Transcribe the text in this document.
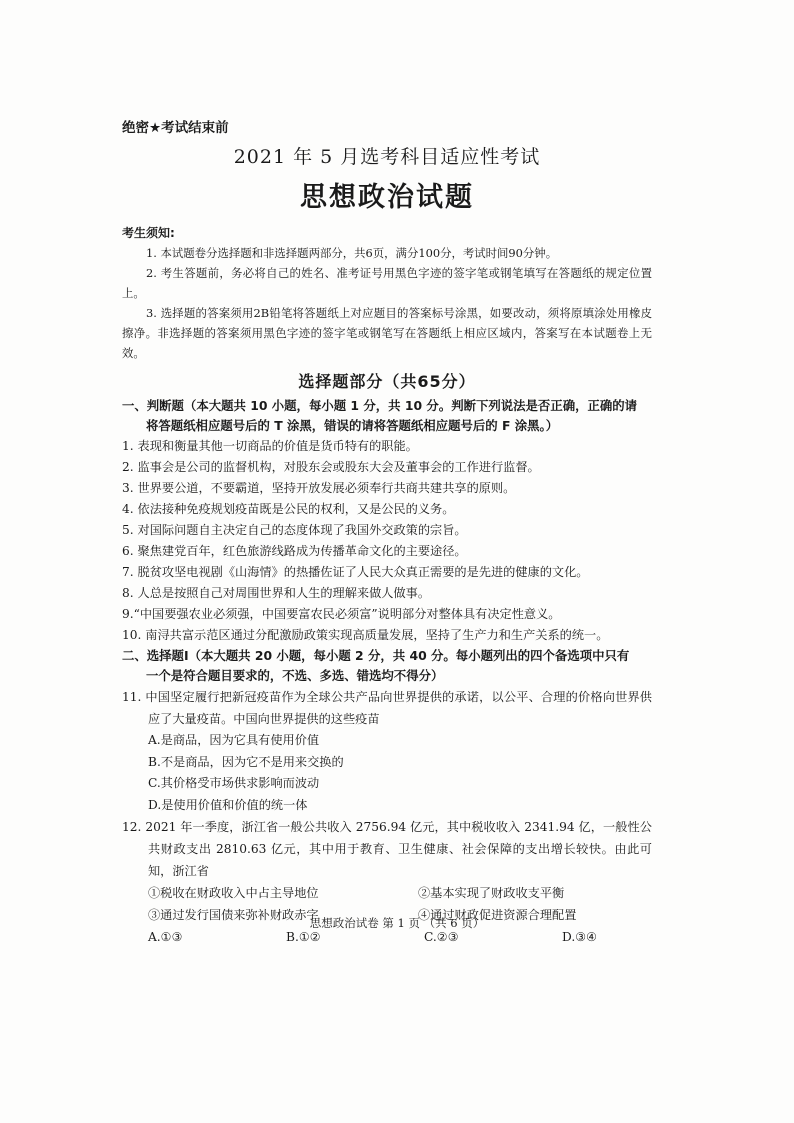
绝密★考试结束前

2021 年 5 月选考科目适应性考试

思想政治试题

考生须知:

1. 本试题卷分选择题和非选择题两部分，共6页，满分100分，考试时间90分钟。

2. 考生答题前，务必将自己的姓名、准考证号用黑色字迹的签字笔或钢笔填写在答题纸的规定位置上。

3. 选择题的答案须用2B铅笔将答题纸上对应题目的答案标号涂黑，如要改动，须将原填涂处用橡皮擦净。非选择题的答案须用黑色字迹的签字笔或钢笔写在答题纸上相应区域内，答案写在本试题卷上无效。

选择题部分（共65分）

一、判断题（本大题共 10 小题，每小题 1 分，共 10 分。判断下列说法是否正确，正确的请
将答题纸相应题号后的 T 涂黑，错误的请将答题纸相应题号后的 F 涂黑。）

1. 表现和衡量其他一切商品的价值是货币特有的职能。

2. 监事会是公司的监督机构，对股东会或股东大会及董事会的工作进行监督。

3. 世界要公道，不要霸道，坚持开放发展必须奉行共商共建共享的原则。

4. 依法接种免疫规划疫苗既是公民的权利，又是公民的义务。

5. 对国际问题自主决定自己的态度体现了我国外交政策的宗旨。

6. 聚焦建党百年，红色旅游线路成为传播革命文化的主要途径。

7. 脱贫攻坚电视剧《山海情》的热播佐证了人民大众真正需要的是先进的健康的文化。

8. 人总是按照自己对周围世界和人生的理解来做人做事。

9.“中国要强农业必须强，中国要富农民必须富”说明部分对整体具有决定性意义。

10. 南浔共富示范区通过分配激励政策实现高质量发展，坚持了生产力和生产关系的统一。

二、选择题Ⅰ（本大题共 20 小题，每小题 2 分，共 40 分。每小题列出的四个备选项中只有
一个是符合题目要求的，不选、多选、错选均不得分）

11. 中国坚定履行把新冠疫苗作为全球公共产品向世界提供的承诺，以公平、合理的价格向世界供应了大量疫苗。中国向世界提供的这些疫苗

A.是商品，因为它具有使用价值

B.不是商品，因为它不是用来交换的

C.其价格受市场供求影响而波动

D.是使用价值和价值的统一体

12. 2021 年一季度，浙江省一般公共收入 2756.94 亿元，其中税收收入 2341.94 亿，一般性公共财政支出 2810.63 亿元，其中用于教育、卫生健康、社会保障的支出增长较快。由此可知，浙江省

①税收在财政收入中占主导地位	②基本实现了财政收支平衡
③通过发行国债来弥补财政赤字	④通过财政促进资源合理配置
A.①③	B.①②	C.②③	D.③④
思想政治试卷 第 1 页 （共 6 页）
